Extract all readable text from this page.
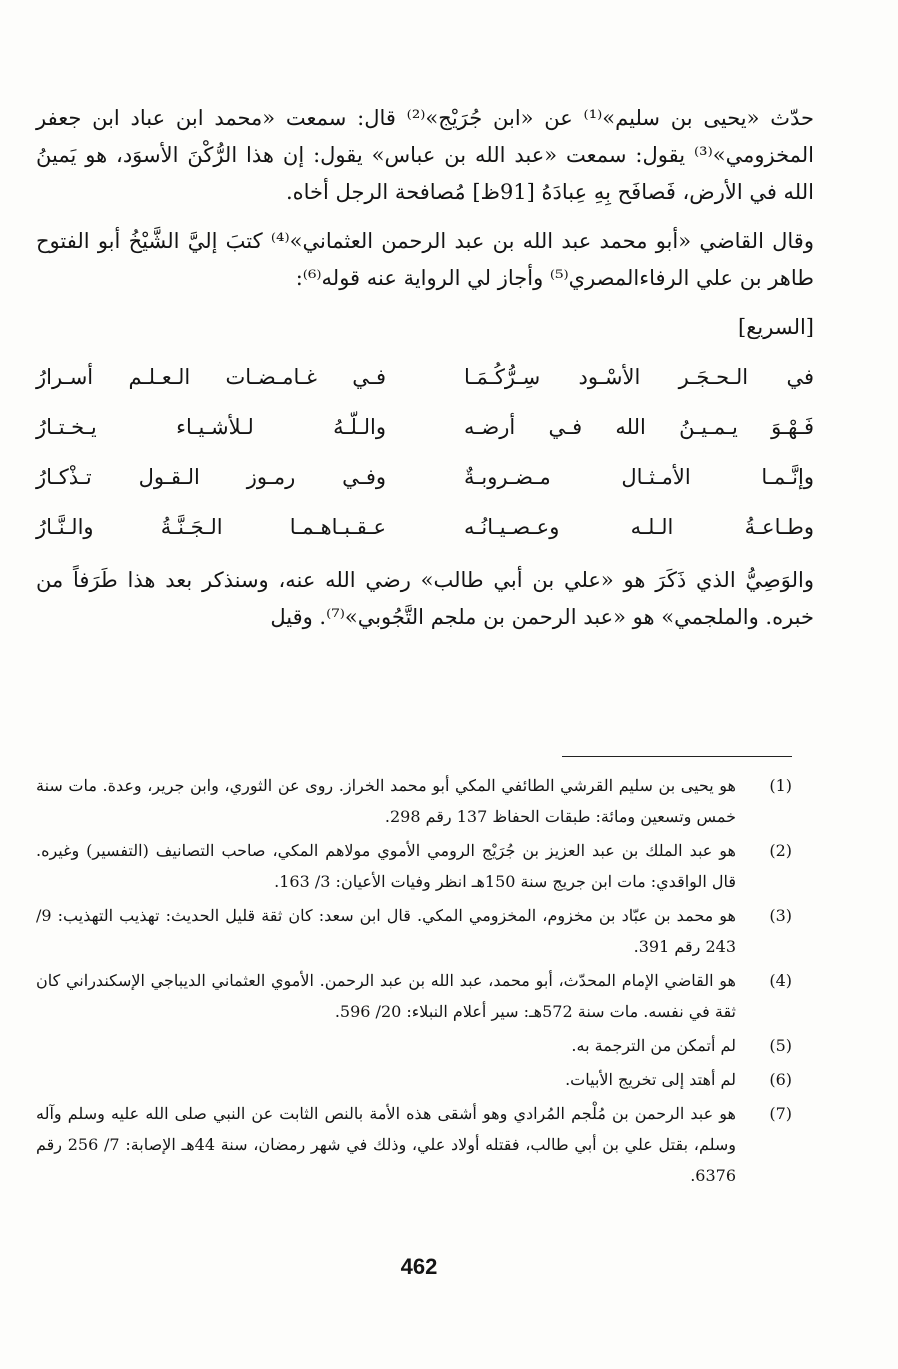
حدّث «يحيى بن سليم»⁽¹⁾ عن «ابن جُرَيْج»⁽²⁾ قال: سمعت «محمد ابن عباد ابن جعفر المخزومي»⁽³⁾ يقول: سمعت «عبد الله بن عباس» يقول: إن هذا الرُّكْنَ الأسوَد، هو يَمينُ الله في الأرض، فَصافَح بِهِ عِبادَهُ [91ظ] مُصافحة الرجل أخاه.

وقال القاضي «أبو محمد عبد الله بن عبد الرحمن العثماني»⁽⁴⁾ كتبَ إليَّ الشَّيْخُ أبو الفتوح طاهر بن علي الرفاءالمصري⁽⁵⁾ وأجاز لي الرواية عنه قوله⁽⁶⁾:

[السريع]
في الـحـجَـر الأسْـود سِـرُّكُـمَـا
فـي غـامـضـات الـعـلـم أسـرارُ
فَـهْـوَ يـمـيـنُ الله فـي أرضـه
والـلّـهُ لـلأشـيـاء يـخـتـارُ
وإنَّـمـا الأمـثـال مـضـروبـةٌ
وفـي رمـوز الـقـول تـذْكـارُ
وطـاعـةُ الـلـه وعـصـيـانُـه
عـقـبـاهـمـا الـجَـنَّـةُ والـنَّـارُ

والوَصِيُّ الذي ذَكَرَ هو «علي بن أبي طالب» رضي الله عنه، وسنذكر بعد هذا طَرَفاً من خبره. والملجمي» هو «عبد الرحمن بن ملجم التَّجُوبي»⁽⁷⁾. وقيل

(1)
هو يحيى بن سليم القرشي الطائفي المكي أبو محمد الخراز. روى عن الثوري، وابن جرير، وعدة. مات سنة خمس وتسعين ومائة: طبقات الحفاظ 137 رقم 298.
(2)
هو عبد الملك بن عبد العزيز بن جُرَيْج الرومي الأموي مولاهم المكي، صاحب التصانيف (التفسير) وغيره. قال الواقدي: مات ابن جريج سنة 150هـ انظر وفيات الأعيان: 3/ 163.
(3)
هو محمد بن عبّاد بن مخزوم، المخزومي المكي. قال ابن سعد: كان ثقة قليل الحديث: تهذيب التهذيب: 9/ 243 رقم 391.
(4)
هو القاضي الإمام المحدّث، أبو محمد، عبد الله بن عبد الرحمن. الأموي العثماني الديباجي الإسكندراني كان ثقة في نفسه. مات سنة 572هـ: سير أعلام النبلاء: 20/ 596.
(5)
لم أتمكن من الترجمة به.
(6)
لم أهتد إلى تخريج الأبيات.
(7)
هو عبد الرحمن بن مُلْجم المُرادي وهو أشقى هذه الأمة بالنص الثابت عن النبي صلى الله عليه وسلم وآله وسلم، بقتل علي بن أبي طالب، فقتله أولاد علي، وذلك في شهر رمضان، سنة 44هـ الإصابة: 7/ 256 رقم 6376.
462
